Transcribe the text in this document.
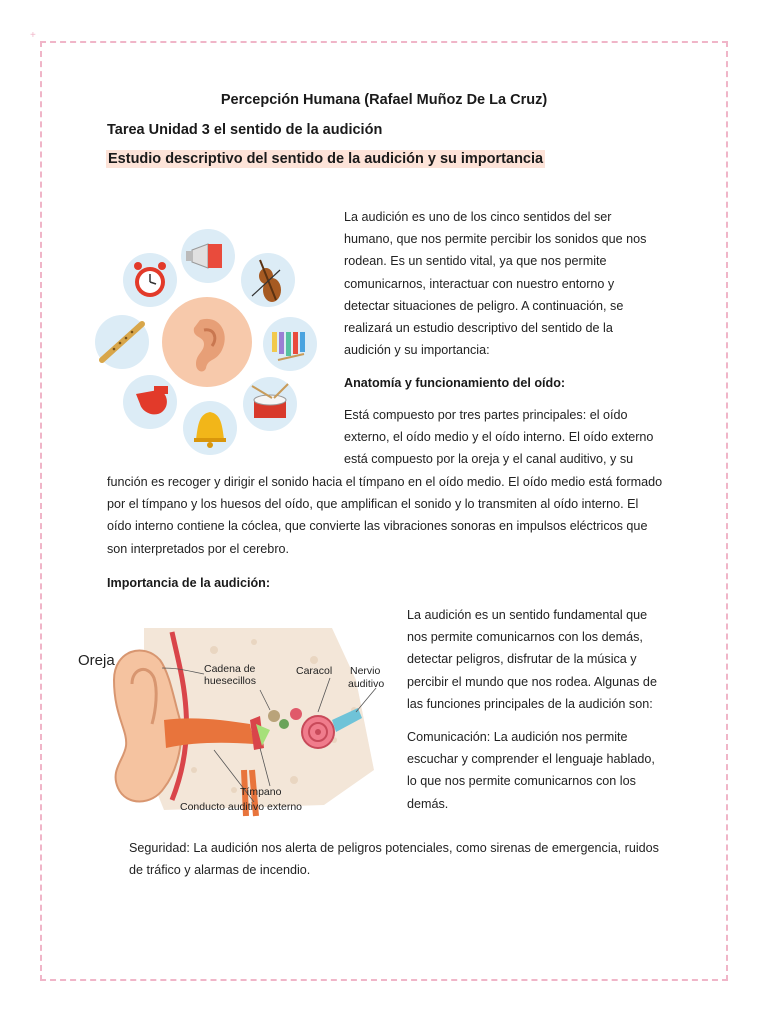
+
Percepción Humana (Rafael Muñoz De La Cruz)
Tarea Unidad 3 el sentido de la audición
Estudio descriptivo del sentido de la audición y su importancia

La audición es uno de los cinco sentidos del ser

humano, que nos permite percibir los sonidos que nos

rodean. Es un sentido vital, ya que nos permite

comunicarnos, interactuar con nuestro entorno y

detectar situaciones de peligro. A continuación, se

realizará un estudio descriptivo del sentido de la

audición y su importancia:

Anatomía y funcionamiento del oído:

Está compuesto por tres partes principales: el oído

externo, el oído medio y el oído interno. El oído externo

está compuesto por la oreja y el canal auditivo, y su

función es recoger y dirigir el sonido hacia el tímpano en el oído medio. El oído medio está formado

por el tímpano y los huesos del oído, que amplifican el sonido y lo transmiten al oído interno. El

oído interno contiene la cóclea, que convierte las vibraciones sonoras en impulsos eléctricos que

son interpretados por el cerebro.

Importancia de la audición:
Oreja	Cadena de
huesecillos
Caracol Nervio
auditivo
Tímpano
Conducto auditivo externo

La audición es un sentido fundamental que

nos permite comunicarnos con los demás,

detectar peligros, disfrutar de la música y

percibir el mundo que nos rodea. Algunas de

las funciones principales de la audición son:

Comunicación: La audición nos permite

escuchar y comprender el lenguaje hablado,

lo que nos permite comunicarnos con los

demás.

Seguridad: La audición nos alerta de peligros potenciales, como sirenas de emergencia, ruidos

de tráfico y alarmas de incendio.
